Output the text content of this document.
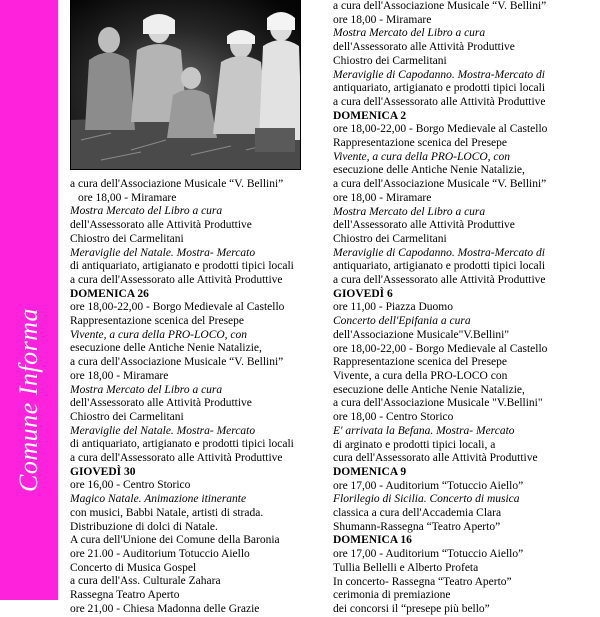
Comune Informa
a cura dell'Associazione Musicale “V. Bellini”
ore 18,00 - Miramare
Mostra Mercato del Libro a cura
dell'Assessorato alle Attività Produttive
Chiostro dei Carmelitani
Meraviglie del Natale. Mostra- Mercato
di antiquariato, artigianato e prodotti tipici locali
a cura dell'Assessorato alle Attività Produttive
DOMENICA 26
ore 18,00-22,00 - Borgo Medievale al Castello
Rappresentazione scenica del Presepe
Vivente, a cura della PRO-LOCO, con
esecuzione delle Antiche Nenie Natalizie,
a cura dell'Associazione Musicale “V. Bellini”
ore 18,00 - Miramare
Mostra Mercato del Libro a cura
dell'Assessorato alle Attività Produttive
Chiostro dei Carmelitani
Meraviglie del Natale. Mostra- Mercato
di antiquariato, artigianato e prodotti tipici locali
a cura dell'Assessorato alle Attività Produttive
GIOVEDÌ 30
ore 16,00 - Centro Storico
Magico Natale. Animazione itinerante
con musici, Babbi Natale, artisti di strada.
Distribuzione di dolci di Natale.
A cura dell'Unione dei Comune della Baronia
ore 21.00 - Auditorium Totuccio Aiello
Concerto di Musica Gospel
a cura dell'Ass. Culturale Zahara
Rassegna Teatro Aperto
ore 21,00 - Chiesa Madonna delle Grazie
a cura dell'Associazione Musicale “V. Bellini”
ore 18,00 - Miramare
Mostra Mercato del Libro a cura
dell'Assessorato alle Attività Produttive
Chiostro dei Carmelitani
Meraviglie di Capodanno. Mostra-Mercato di
antiquariato, artigianato e prodotti tipici locali
a cura dell'Assessorato alle Attività Produttive
DOMENICA 2
ore 18,00-22,00 - Borgo Medievale al Castello
Rappresentazione scenica del Presepe
Vivente, a cura della PRO-LOCO, con
esecuzione delle Antiche Nenie Natalizie,
a cura dell'Associazione Musicale “V. Bellini”
ore 18,00 - Miramare
Mostra Mercato del Libro a cura
dell'Assessorato alle Attività Produttive
Chiostro dei Carmelitani
Meraviglie di Capodanno. Mostra-Mercato di
antiquariato, artigianato e prodotti tipici locali
a cura dell'Assessorato alle Attività Produttive
GIOVEDÌ 6
ore 11,00 - Piazza Duomo
Concerto dell'Epifania a cura
dell'Associazione Musicale"V.Bellini"
ore 18,00-22,00 - Borgo Medievale al Castello
Rappresentazione scenica del Presepe
Vivente, a cura della PRO-LOCO con
esecuzione delle Antiche Nenie Natalizie,
a cura dell'Associazione Musicale "V.Bellini"
ore 18,00 - Centro Storico
E' arrivata la Befana. Mostra- Mercato
di arginato e prodotti tipici locali, a
cura dell'Assessorato alle Attività Produttive
DOMENICA 9
ore 17,00 - Auditorium “Totuccio Aiello”
Florilegio di Sicilia. Concerto di musica
classica a cura dell'Accademia Clara
Shumann-Rassegna “Teatro Aperto”
DOMENICA 16
ore 17,00 - Auditorium “Totuccio Aiello”
Tullia Bellelli e Alberto Profeta
In concerto- Rassegna “Teatro Aperto”
cerimonia di premiazione
dei concorsi il “presepe più bello”
